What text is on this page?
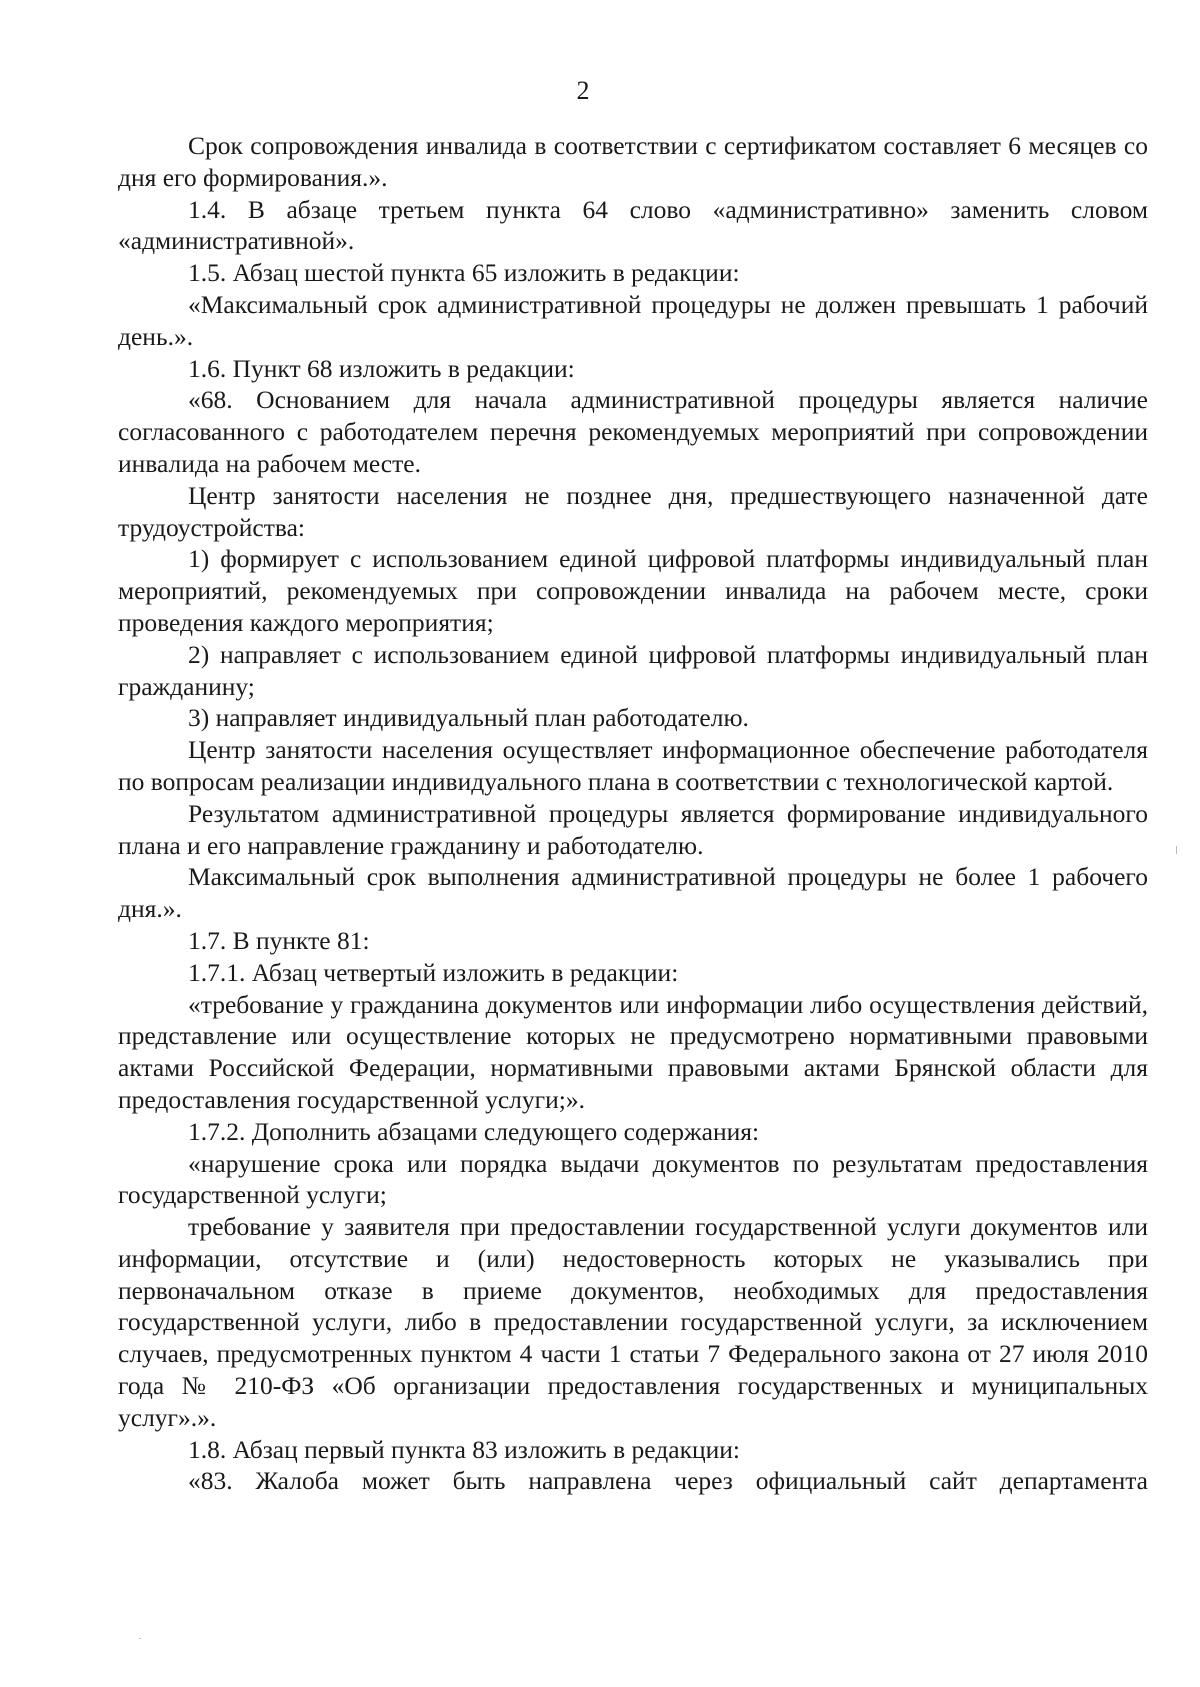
2

Срок сопровождения инвалида в соответствии с сертификатом составляет 6 месяцев со дня его формирования.».

1.4. В абзаце третьем пункта 64 слово «административно» заменить словом «административной».

1.5. Абзац шестой пункта 65 изложить в редакции:

«Максимальный срок административной процедуры не должен превышать 1 рабочий день.».

1.6. Пункт 68 изложить в редакции:

«68. Основанием для начала административной процедуры является наличие согласованного с работодателем перечня рекомендуемых мероприятий при сопровождении инвалида на рабочем месте.

Центр занятости населения не позднее дня, предшествующего назначенной дате трудоустройства:

1) формирует с использованием единой цифровой платформы индивидуальный план мероприятий, рекомендуемых при сопровождении инвалида на рабочем месте, сроки проведения каждого мероприятия;

2) направляет с использованием единой цифровой платформы индивидуальный план гражданину;

3) направляет индивидуальный план работодателю.

Центр занятости населения осуществляет информационное обеспечение работодателя по вопросам реализации индивидуального плана в соответствии с технологической картой.

Результатом административной процедуры является формирование индивидуального плана и его направление гражданину и работодателю.

Максимальный срок выполнения административной процедуры не более 1 рабочего дня.».

1.7. В пункте 81:

1.7.1. Абзац четвертый изложить в редакции:

«требование у гражданина документов или информации либо осуществления действий, представление или осуществление которых не предусмотрено нормативными правовыми актами Российской Федерации, нормативными правовыми актами Брянской области для предоставления государственной услуги;».

1.7.2. Дополнить абзацами следующего содержания:

«нарушение срока или порядка выдачи документов по результатам предоставления государственной услуги;

требование у заявителя при предоставлении государственной услуги документов или информации, отсутствие и (или) недостоверность которых не указывались при первоначальном отказе в приеме документов, необходимых для предоставления государственной услуги, либо в предоставлении государственной услуги, за исключением случаев, предусмотренных пунктом 4 части 1 статьи 7 Федерального закона от 27 июля 2010 года № 210-ФЗ «Об организации предоставления государственных и муниципальных услуг».».

1.8. Абзац первый пункта 83 изложить в редакции:

«83. Жалоба может быть направлена через официальный сайт департамента
